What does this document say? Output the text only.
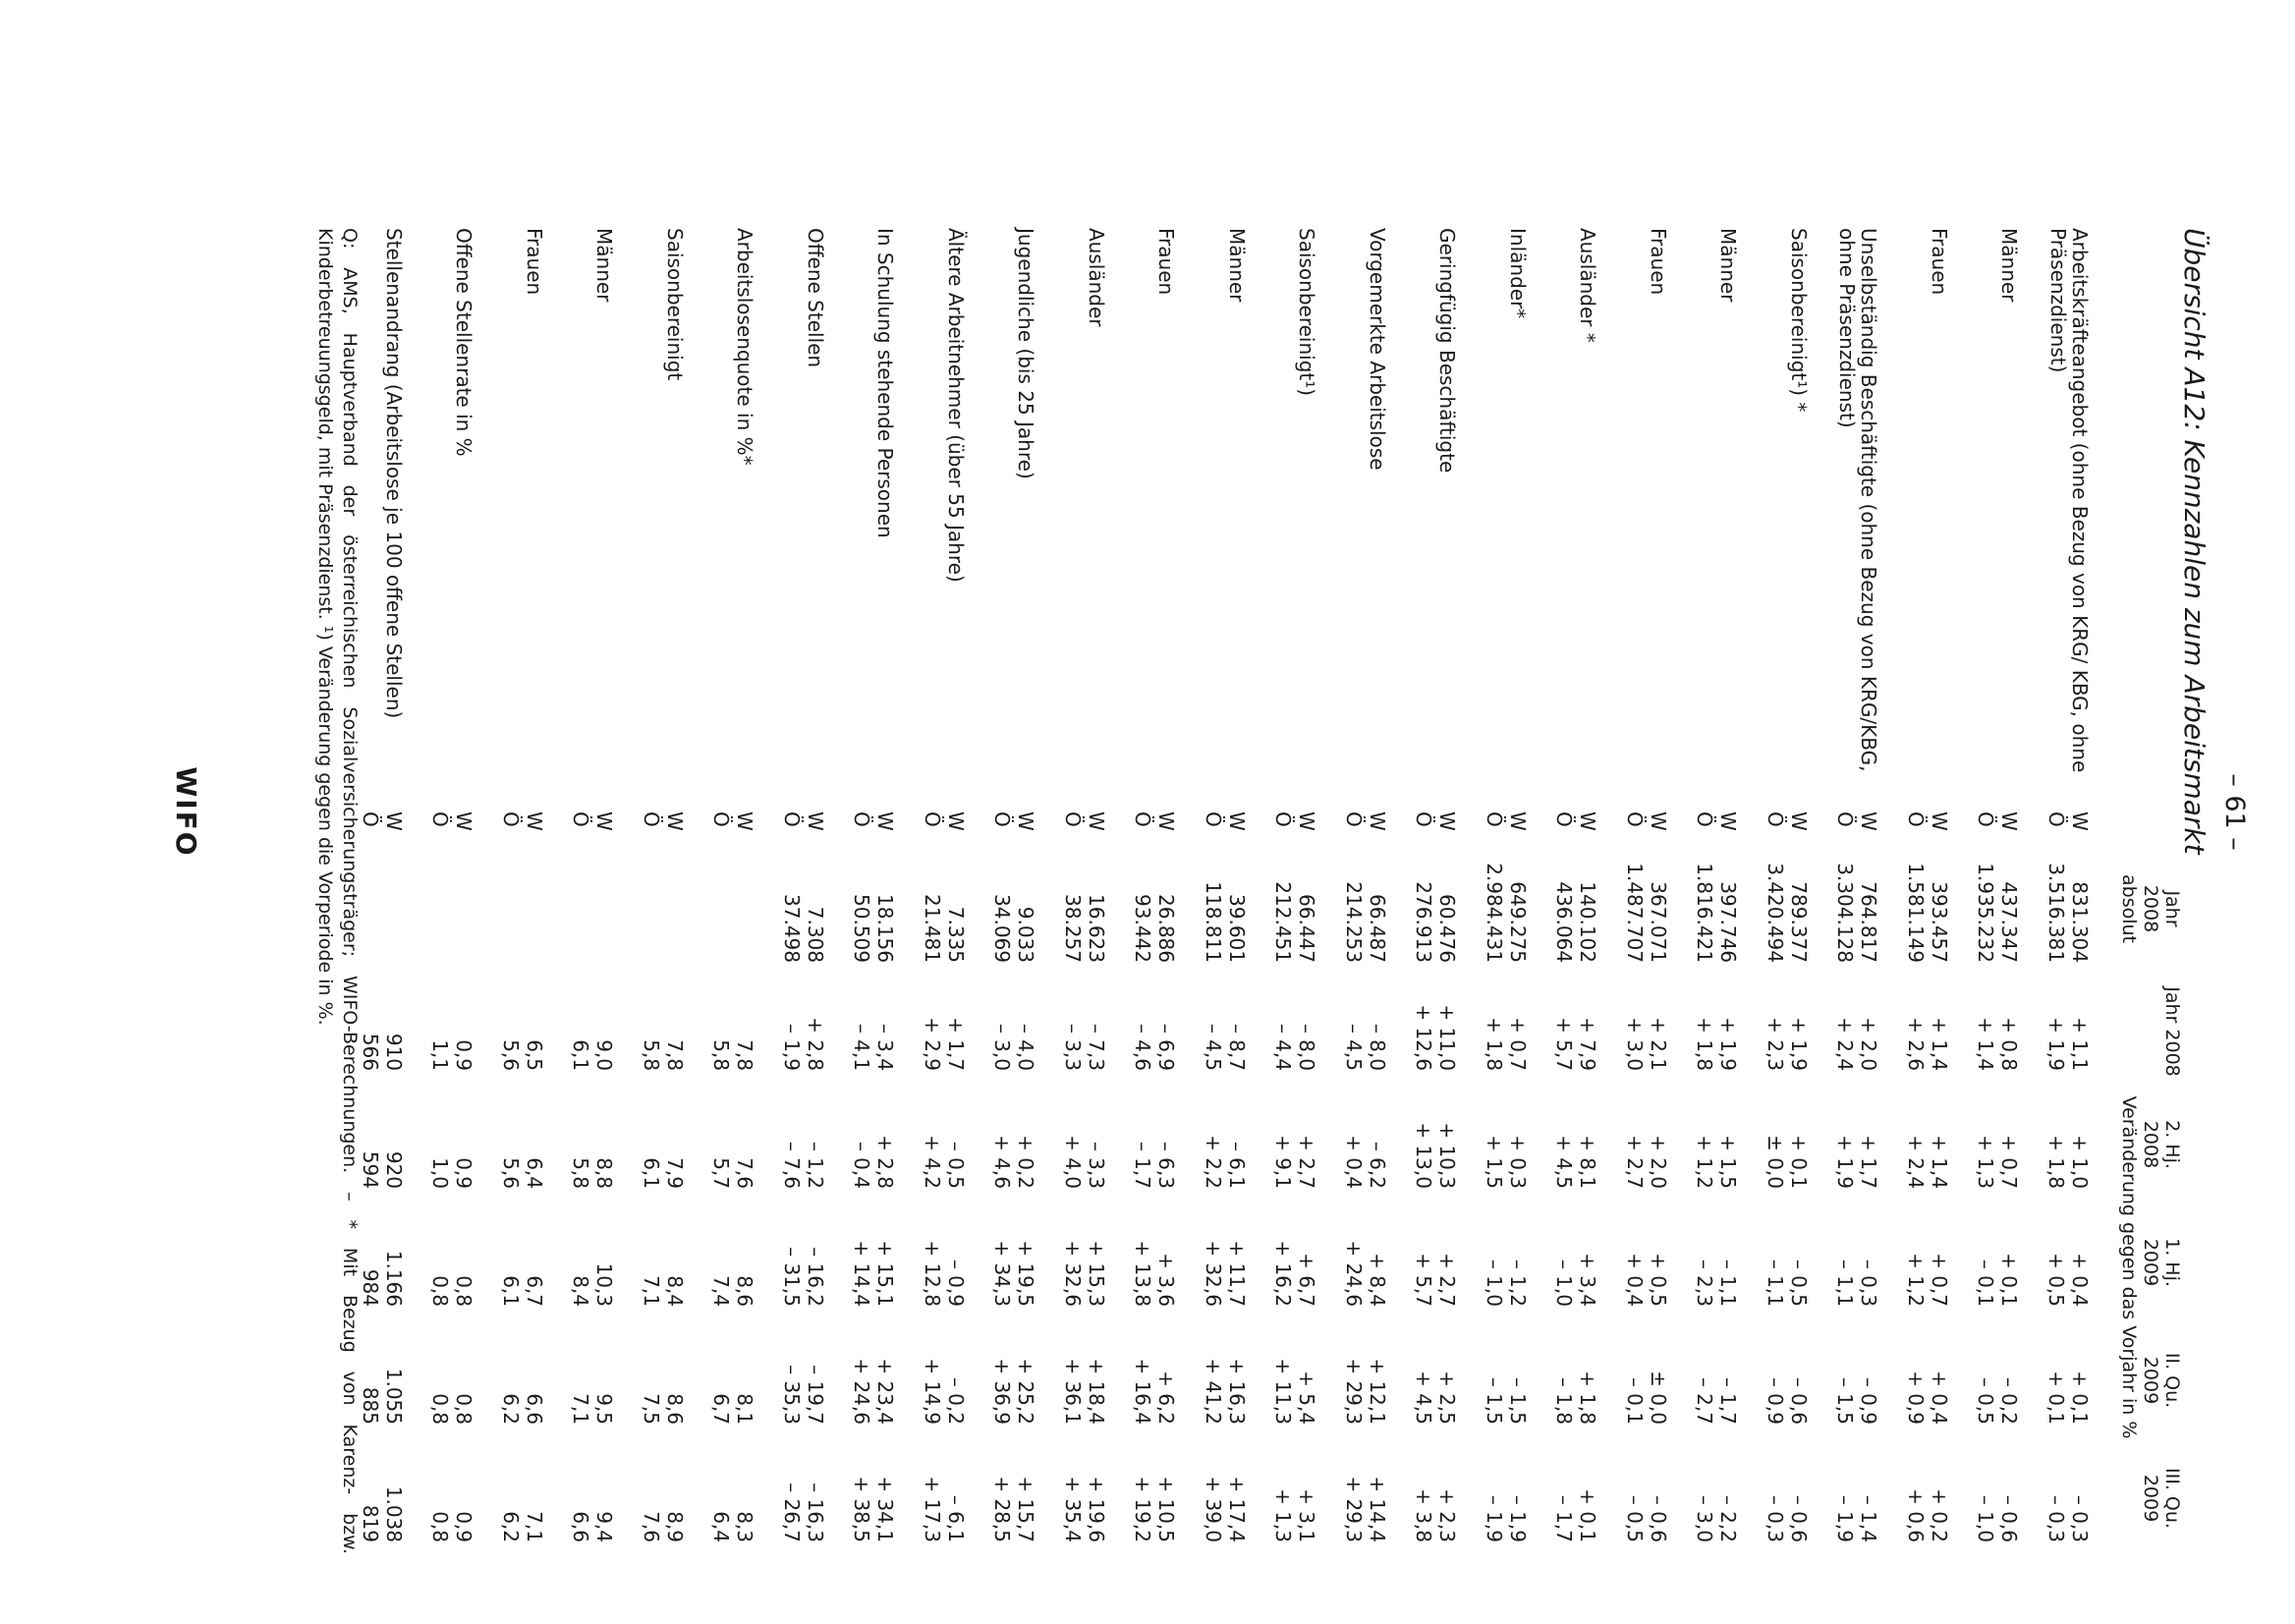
– 61 –
Übersicht A12: Kennzahlen zum Arbeitsmarkt
Jahr
2008
absolut
Jahr 2008
2. Hj.
2008
1. Hj.
2009
II. Qu.
2009
III. Qu.
2009
Veränderung gegen das Vorjahr in %
Arbeitskräfteangebot (ohne Bezug von KRG/ KBG, ohne Präsenzdienst)
W
831.304
+ 1,1
+ 1,0
+ 0,4
+ 0,1
– 0,3
Ö
3.516.381
+ 1,9
+ 1,8
+ 0,5
+ 0,1
– 0,3
Männer
W
437.347
+ 0,8
+ 0,7
+ 0,1
– 0,2
– 0,6
Ö
1.935.232
+ 1,4
+ 1,3
– 0,1
– 0,5
– 1,0
Frauen
W
393.457
+ 1,4
+ 1,4
+ 0,7
+ 0,4
+ 0,2
Ö
1.581.149
+ 2,6
+ 2,4
+ 1,2
+ 0,9
+ 0,6
Unselbständig Beschäftigte (ohne Bezug von KRG/KBG, ohne Präsenzdienst)
W
764.817
+ 2,0
+ 1,7
– 0,3
– 0,9
– 1,4
Ö
3.304.128
+ 2,4
+ 1,9
– 1,1
– 1,5
– 1,9
Saisonbereinigt¹) *
W
789.377
+ 1,9
+ 0,1
– 0,5
– 0,6
– 0,6
Ö
3.420.494
+ 2,3
± 0,0
– 1,1
– 0,9
– 0,3
Männer
W
397.746
+ 1,9
+ 1,5
– 1,1
– 1,7
– 2,2
Ö
1.816.421
+ 1,8
+ 1,2
– 2,3
– 2,7
– 3,0
Frauen
W
367.071
+ 2,1
+ 2,0
+ 0,5
± 0,0
– 0,6
Ö
1.487.707
+ 3,0
+ 2,7
+ 0,4
– 0,1
– 0,5
Ausländer *
W
140.102
+ 7,9
+ 8,1
+ 3,4
+ 1,8
+ 0,1
Ö
436.064
+ 5,7
+ 4,5
– 1,0
– 1,8
– 1,7
Inländer*
W
649.275
+ 0,7
+ 0,3
– 1,2
– 1,5
– 1,9
Ö
2.984.431
+ 1,8
+ 1,5
– 1,0
– 1,5
– 1,9
Geringfügig Beschäftigte
W
60.476
+ 11,0
+ 10,3
+ 2,7
+ 2,5
+ 2,3
Ö
276.913
+ 12,6
+ 13,0
+ 5,7
+ 4,5
+ 3,8
Vorgemerkte Arbeitslose
W
66.487
– 8,0
– 6,2
+ 8,4
+ 12,1
+ 14,4
Ö
214.253
– 4,5
+ 0,4
+ 24,6
+ 29,3
+ 29,3
Saisonbereinigt¹)
W
66.447
– 8,0
+ 2,7
+ 6,7
+ 5,4
+ 3,1
Ö
212.451
– 4,4
+ 9,1
+ 16,2
+ 11,3
+ 1,3
Männer
W
39.601
– 8,7
– 6,1
+ 11,7
+ 16,3
+ 17,4
Ö
118.811
– 4,5
+ 2,2
+ 32,6
+ 41,2
+ 39,0
Frauen
W
26.886
– 6,9
– 6,3
+ 3,6
+ 6,2
+ 10,5
Ö
93.442
– 4,6
– 1,7
+ 13,8
+ 16,4
+ 19,2
Ausländer
W
16.623
– 7,3
– 3,3
+ 15,3
+ 18,4
+ 19,6
Ö
38.257
– 3,3
+ 4,0
+ 32,6
+ 36,1
+ 35,4
Jugendliche (bis 25 Jahre)
W
9.033
– 4,0
+ 0,2
+ 19,5
+ 25,2
+ 15,7
Ö
34.069
– 3,0
+ 4,6
+ 34,3
+ 36,9
+ 28,5
Ältere Arbeitnehmer (über 55 Jahre)
W
7.335
+ 1,7
– 0,5
– 0,9
– 0,2
– 6,1
Ö
21.481
+ 2,9
+ 4,2
+ 12,8
+ 14,9
+ 17,3
In Schulung stehende Personen
W
18.156
– 3,4
+ 2,8
+ 15,1
+ 23,4
+ 34,1
Ö
50.509
– 4,1
– 0,4
+ 14,4
+ 24,6
+ 38,5
Offene Stellen
W
7.308
+ 2,8
– 1,2
– 16,2
– 19,7
– 16,3
Ö
37.498
– 1,9
– 7,6
– 31,5
– 35,3
– 26,7
Arbeitslosenquote in %*
W
7,8
7,6
8,6
8,1
8,3
Ö
5,8
5,7
7,4
6,7
6,4
Saisonbereinigt
W
7,8
7,9
8,4
8,6
8,9
Ö
5,8
6,1
7,1
7,5
7,6
Männer
W
9,0
8,8
10,3
9,5
9,4
Ö
6,1
5,8
8,4
7,1
6,6
Frauen
W
6,5
6,4
6,7
6,6
7,1
Ö
5,6
5,6
6,1
6,2
6,2
Offene Stellenrate in %
W
0,9
0,9
0,8
0,8
0,9
Ö
1,1
1,0
0,8
0,8
0,8
Stellenandrang (Arbeitslose je 100 offene Stellen)
W
910
920
1.166
1.055
1.038
Ö
566
594
984
885
819
Q: AMS, Hauptverband der österreichischen Sozialversicherungsträger; WIFO-Berechnungen. – * Mit Bezug von Karenz- bzw. Kinderbetreuungsgeld, mit Präsenzdienst. ¹) Veränderung gegen die Vorperiode in %.
WIFO
